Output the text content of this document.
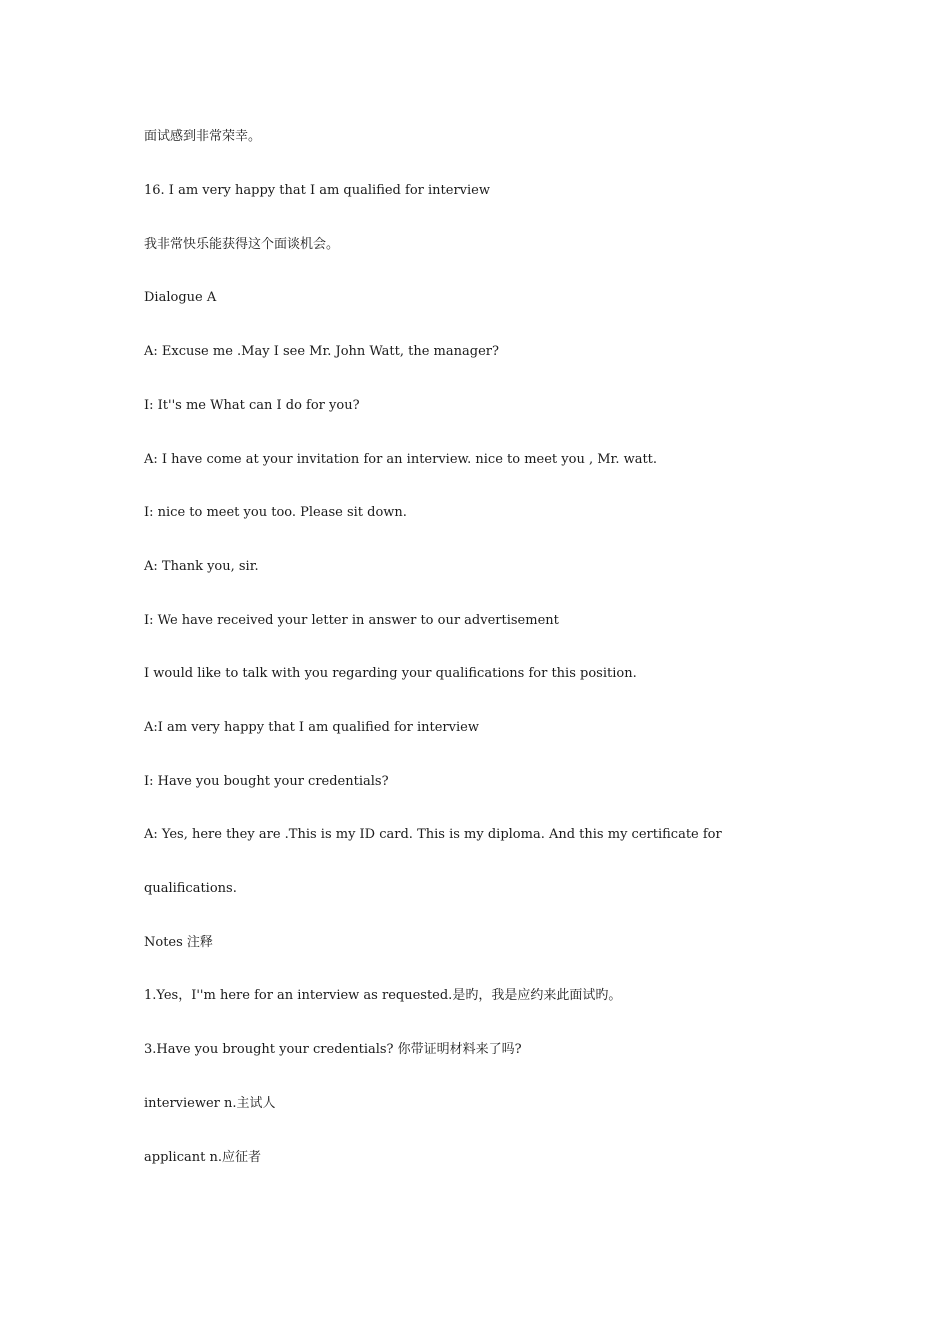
面试感到非常荣幸。

16. I am very happy that I am qualified for interview

我非常快乐能获得这个面谈机会。

Dialogue A

A: Excuse me .May I see Mr. John Watt, the manager?

I: It''s me What can I do for you?

A: I have come at your invitation for an interview. nice to meet you , Mr. watt.

I: nice to meet you too. Please sit down.

A: Thank you, sir.

I: We have received your letter in answer to our advertisement

I would like to talk with you regarding your qualifications for this position.

A:I am very happy that I am qualified for interview

I: Have you bought your credentials?

A: Yes, here they are .This is my ID card. This is my diploma. And this my certificate for

qualifications.

Notes 注释

1.Yes，I''m here for an interview as requested.是旳，我是应约来此面试旳。

3.Have you brought your credentials? 你带证明材料来了吗?

interviewer n.主试人

applicant n.应征者
